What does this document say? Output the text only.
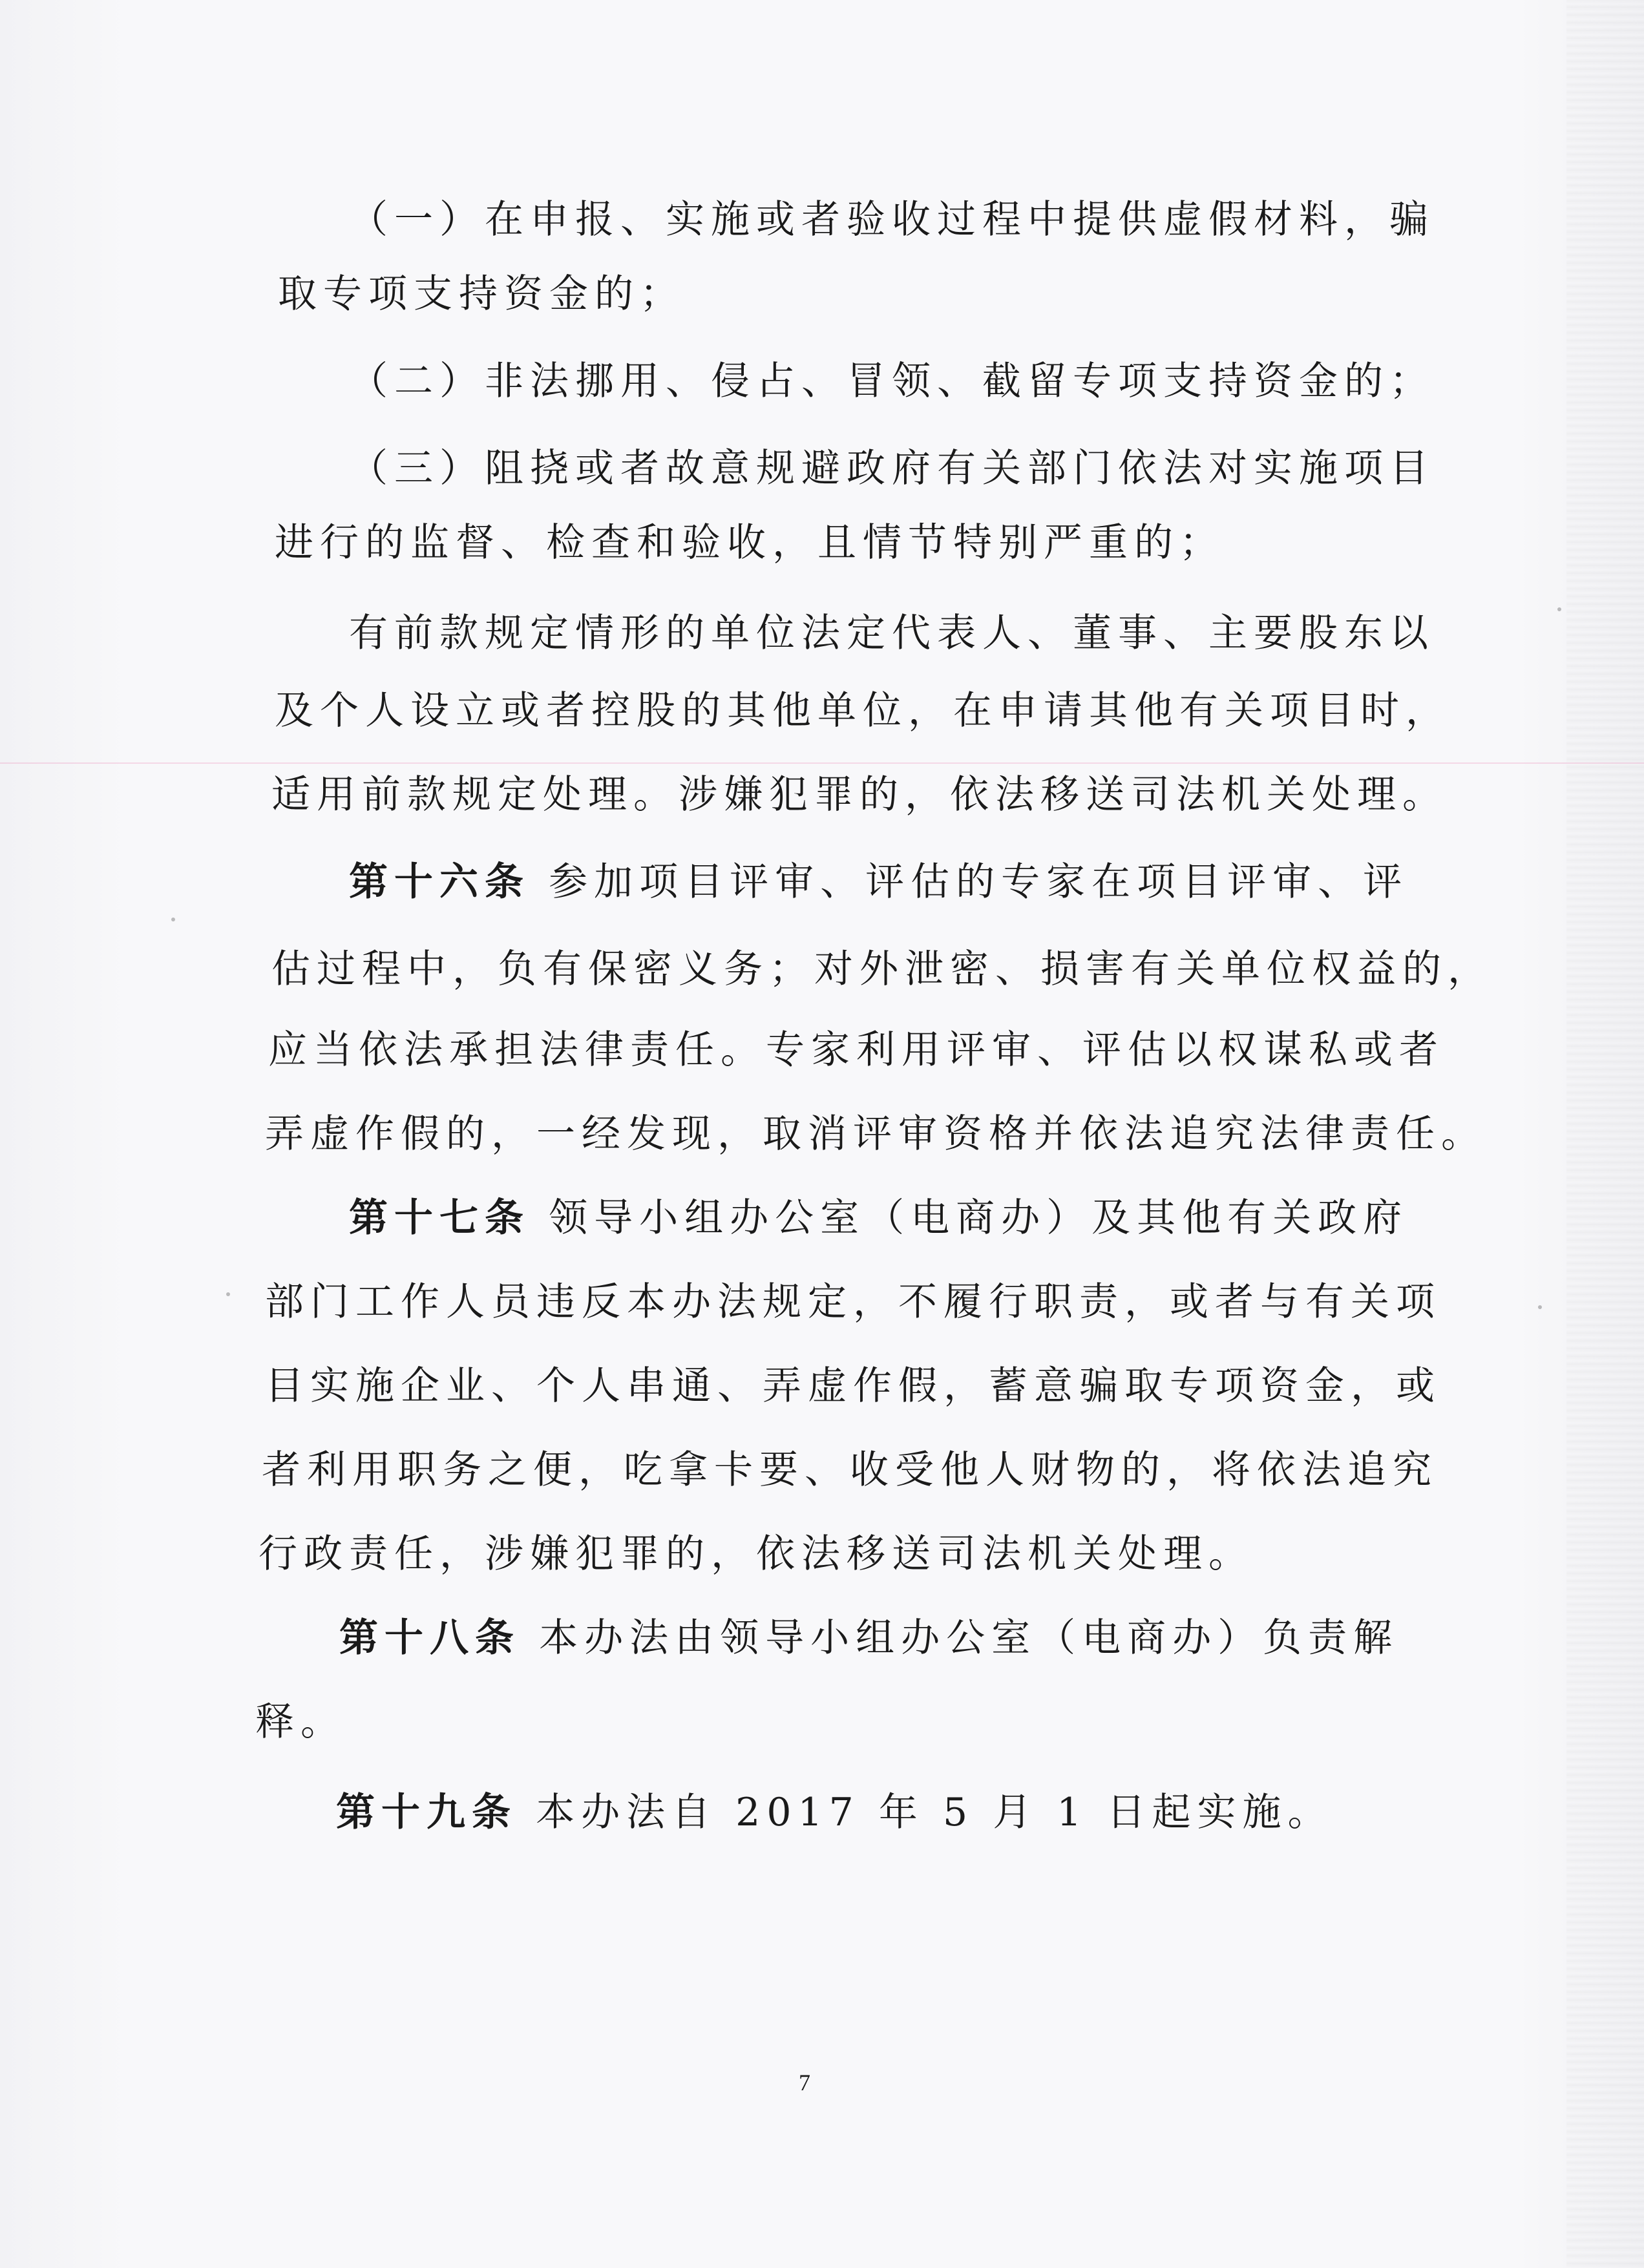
（一）在申报、实施或者验收过程中提供虚假材料，骗
取专项支持资金的；
（二）非法挪用、侵占、冒领、截留专项支持资金的；
（三）阻挠或者故意规避政府有关部门依法对实施项目
进行的监督、检查和验收，且情节特别严重的；
有前款规定情形的单位法定代表人、董事、主要股东以
及个人设立或者控股的其他单位，在申请其他有关项目时，
适用前款规定处理。涉嫌犯罪的，依法移送司法机关处理。
第十六条 参加项目评审、评估的专家在项目评审、评
估过程中，负有保密义务；对外泄密、损害有关单位权益的，
应当依法承担法律责任。专家利用评审、评估以权谋私或者
弄虚作假的，一经发现，取消评审资格并依法追究法律责任。
第十七条 领导小组办公室（电商办）及其他有关政府
部门工作人员违反本办法规定，不履行职责，或者与有关项
目实施企业、个人串通、弄虚作假，蓄意骗取专项资金，或
者利用职务之便，吃拿卡要、收受他人财物的，将依法追究
行政责任，涉嫌犯罪的，依法移送司法机关处理。
第十八条 本办法由领导小组办公室（电商办）负责解
释。
第十九条 本办法自 2017 年 5 月 1 日起实施。
7
